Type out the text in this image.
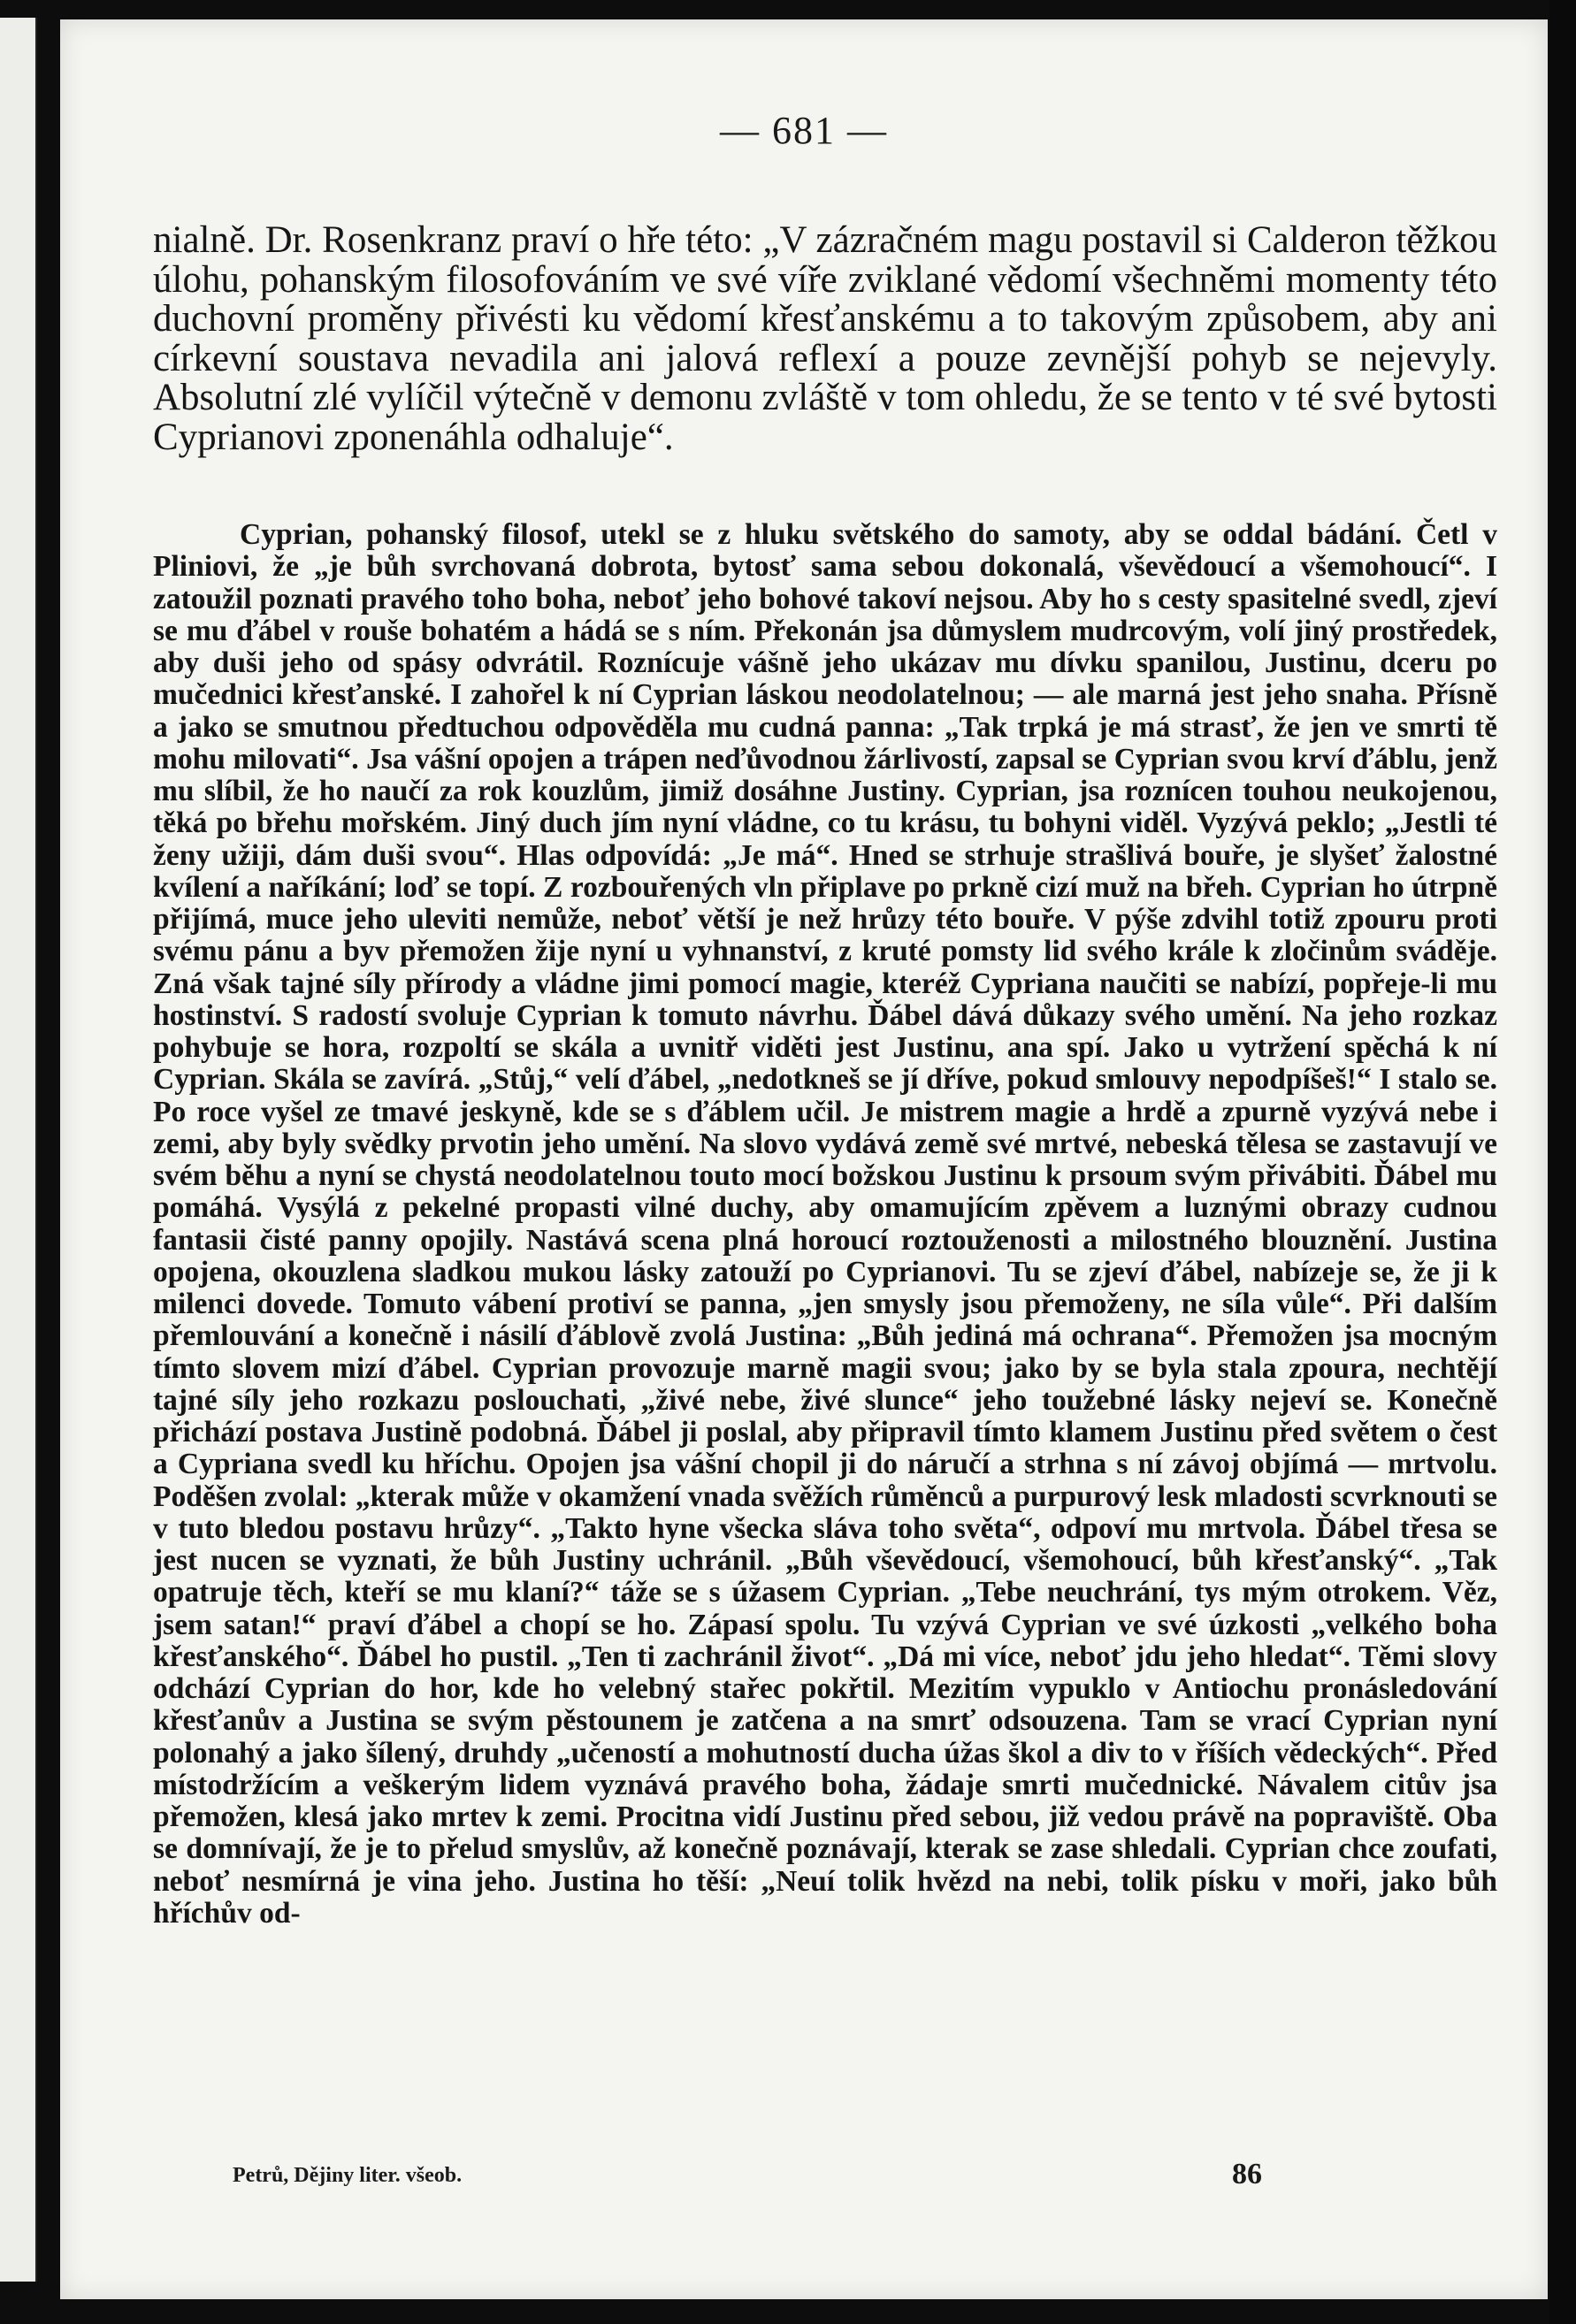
— 681 —

nialně. Dr. Rosenkranz praví o hře této: „V zázračném magu postavil si Calderon těžkou úlohu, pohanským filosofováním ve své víře zviklané vědomí všechněmi momenty této duchovní proměny přivésti ku vědomí křesťanskému a to takovým způsobem, aby ani církevní soustava nevadila ani jalová reflexí a pouze zevnější pohyb se nejevyly. Absolutní zlé vylíčil výtečně v demonu zvláště v tom ohledu, že se tento v té své bytosti Cyprianovi zponenáhla odhaluje“.

Cyprian, pohanský filosof, utekl se z hluku světského do samoty, aby se oddal bádání. Četl v Pliniovi, že „je bůh svrchovaná dobrota, bytosť sama sebou dokonalá, vševědoucí a všemohoucí“. I zatoužil poznati pravého toho boha, neboť jeho bohové takoví nejsou. Aby ho s cesty spasitelné svedl, zjeví se mu ďábel v rouše bohatém a hádá se s ním. Překonán jsa důmyslem mudrcovým, volí jiný prostředek, aby duši jeho od spásy odvrátil. Roznícuje vášně jeho ukázav mu dívku spanilou, Justinu, dceru po mučednici křesťanské. I zahořel k ní Cyprian láskou neodolatelnou; — ale marná jest jeho snaha. Přísně a jako se smutnou předtuchou odpověděla mu cudná panna: „Tak trpká je má strasť, že jen ve smrti tě mohu milovati“. Jsa vášní opojen a trápen neďůvodnou žárlivostí, zapsal se Cyprian svou krví ďáblu, jenž mu slíbil, že ho naučí za rok kouzlům, jimiž dosáhne Justiny. Cyprian, jsa roznícen touhou neukojenou, těká po břehu mořském. Jiný duch jím nyní vládne, co tu krásu, tu bohyni viděl. Vyzývá peklo; „Jestli té ženy užiji, dám duši svou“. Hlas odpovídá: „Je má“. Hned se strhuje strašlivá bouře, je slyšeť žalostné kvílení a naříkání; loď se topí. Z rozbouřených vln připlave po prkně cizí muž na břeh. Cyprian ho útrpně přijímá, muce jeho uleviti nemůže, neboť větší je než hrůzy této bouře. V pýše zdvihl totiž zpouru proti svému pánu a byv přemožen žije nyní u vyhnanství, z kruté pomsty lid svého krále k zločinům sváděje. Zná však tajné síly přírody a vládne jimi pomocí magie, kteréž Cypriana naučiti se nabízí, popřeje-li mu hostinství. S radostí svoluje Cyprian k tomuto návrhu. Ďábel dává důkazy svého umění. Na jeho rozkaz pohybuje se hora, rozpoltí se skála a uvnitř viděti jest Justinu, ana spí. Jako u vytržení spěchá k ní Cyprian. Skála se zavírá. „Stůj,“ velí ďábel, „nedotkneš se jí dříve, pokud smlouvy nepodpíšeš!“ I stalo se. Po roce vyšel ze tmavé jeskyně, kde se s ďáblem učil. Je mistrem magie a hrdě a zpurně vyzývá nebe i zemi, aby byly svědky prvotin jeho umění. Na slovo vydává země své mrtvé, nebeská tělesa se zastavují ve svém běhu a nyní se chystá neodolatelnou touto mocí božskou Justinu k prsoum svým přivábiti. Ďábel mu pomáhá. Vysýlá z pekelné propasti vilné duchy, aby omamujícím zpěvem a luznými obrazy cudnou fantasii čisté panny opojily. Nastává scena plná horoucí roztouženosti a milostného blouznění. Justina opojena, okouzlena sladkou mukou lásky zatouží po Cyprianovi. Tu se zjeví ďábel, nabízeje se, že ji k milenci dovede. Tomuto vábení protiví se panna, „jen smysly jsou přemoženy, ne síla vůle“. Při dalším přemlouvání a konečně i násilí ďáblově zvolá Justina: „Bůh jediná má ochrana“. Přemožen jsa mocným tímto slovem mizí ďábel. Cyprian provozuje marně magii svou; jako by se byla stala zpoura, nechtějí tajné síly jeho rozkazu poslouchati, „živé nebe, živé slunce“ jeho toužebné lásky nejeví se. Konečně přichází postava Justině podobná. Ďábel ji poslal, aby připravil tímto klamem Justinu před světem o čest a Cypriana svedl ku hříchu. Opojen jsa vášní chopil ji do náručí a strhna s ní závoj objímá — mrtvolu. Poděšen zvolal: „kterak může v okamžení vnada svěžích růměnců a purpurový lesk mladosti scvrknouti se v tuto bledou postavu hrůzy“. „Takto hyne všecka sláva toho světa“, odpoví mu mrtvola. Ďábel třesa se jest nucen se vyznati, že bůh Justiny uchránil. „Bůh vševědoucí, všemohoucí, bůh křesťanský“. „Tak opatruje těch, kteří se mu klaní?“ táže se s úžasem Cyprian. „Tebe neuchrání, tys mým otrokem. Věz, jsem satan!“ praví ďábel a chopí se ho. Zápasí spolu. Tu vzývá Cyprian ve své úzkosti „velkého boha křesťanského“. Ďábel ho pustil. „Ten ti zachránil život“. „Dá mi více, neboť jdu jeho hledat“. Těmi slovy odchází Cyprian do hor, kde ho velebný stařec pokřtil. Mezitím vypuklo v Antiochu pronásledování křesťanův a Justina se svým pěstounem je zatčena a na smrť odsouzena. Tam se vrací Cyprian nyní polonahý a jako šílený, druhdy „učeností a mohutností ducha úžas škol a div to v říších vědeckých“. Před místodržícím a veškerým lidem vyznává pravého boha, žádaje smrti mučednické. Návalem citův jsa přemožen, klesá jako mrtev k zemi. Procitna vidí Justinu před sebou, již vedou právě na popraviště. Oba se domnívají, že je to přelud smyslův, až konečně poznávají, kterak se zase shledali. Cyprian chce zoufati, neboť nesmírná je vina jeho. Justina ho těší: „Neuí tolik hvězd na nebi, tolik písku v moři, jako bůh hříchův od-

Petrů, Dějiny liter. všeob.	86
